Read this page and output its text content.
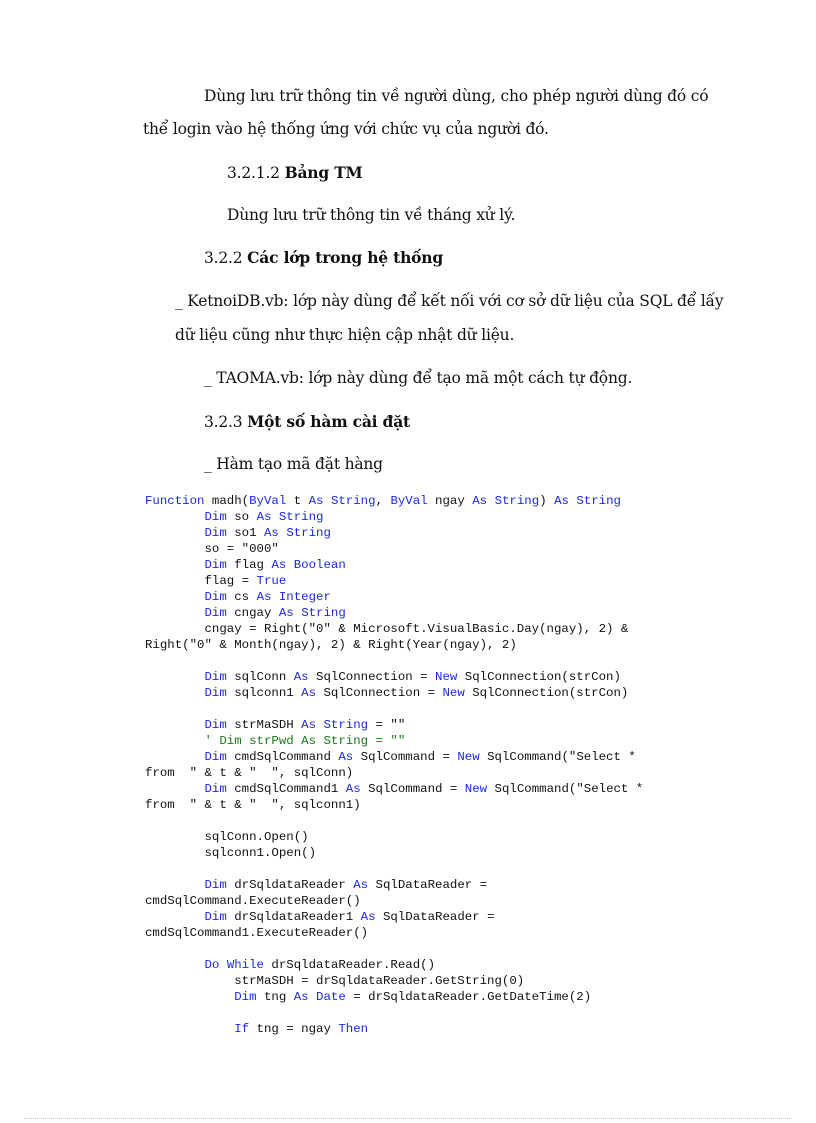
Dùng lưu trữ thông tin về người dùng, cho phép người dùng đó có
thể login vào hệ thống ứng với chức vụ của người đó.
3.2.1.2 Bảng TM
Dùng lưu trữ thông tin về tháng xử lý.
3.2.2 Các lớp trong hệ thống
_ KetnoiDB.vb: lớp này dùng để kết nối với cơ sở dữ liệu của SQL để lấy
dữ liệu cũng như thực hiện cập nhật dữ liệu.
_ TAOMA.vb: lớp này dùng để tạo mã một cách tự động.
3.2.3 Một số hàm cài đặt
_ Hàm tạo mã đặt hàng
Function madh(ByVal t As String, ByVal ngay As String) As String
Dim so As String
Dim so1 As String
so = "000"
Dim flag As Boolean
flag = True
Dim cs As Integer
Dim cngay As String
cngay = Right("0" & Microsoft.VisualBasic.Day(ngay), 2) &
Right("0" & Month(ngay), 2) & Right(Year(ngay), 2)
Dim sqlConn As SqlConnection = New SqlConnection(strCon)
Dim sqlconn1 As SqlConnection = New SqlConnection(strCon)
Dim strMaSDH As String = ""
' Dim strPwd As String = ""
Dim cmdSqlCommand As SqlCommand = New SqlCommand("Select *
from  " & t & "  ", sqlConn)
Dim cmdSqlCommand1 As SqlCommand = New SqlCommand("Select *
from  " & t & "  ", sqlconn1)
sqlConn.Open()
sqlconn1.Open()
Dim drSqldataReader As SqlDataReader =
cmdSqlCommand.ExecuteReader()
Dim drSqldataReader1 As SqlDataReader =
cmdSqlCommand1.ExecuteReader()
Do While drSqldataReader.Read()
strMaSDH = drSqldataReader.GetString(0)
Dim tng As Date = drSqldataReader.GetDateTime(2)
If tng = ngay Then
